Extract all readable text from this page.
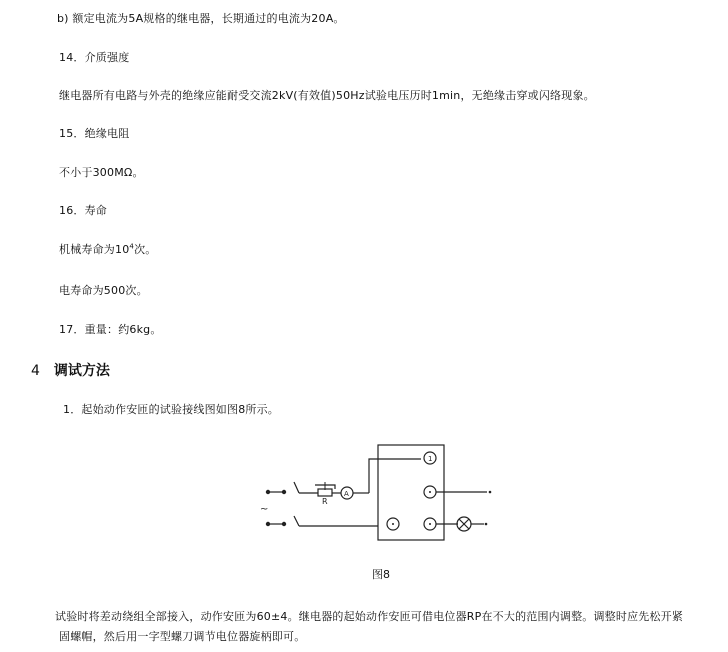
b) 额定电流为5A规格的继电器，长期通过的电流为20A。
14．介质强度
继电器所有电路与外壳的绝缘应能耐受交流2kV(有效值)50Hz试验电压历时1min，无绝缘击穿或闪络现象。
15．绝缘电阻
不小于300MΩ。
16．寿命
机械寿命为$10^4$次。
电寿命为500次。
17．重量：约6kg。
4 调试方法
1．起始动作安匝的试验接线图如图8所示。
R
A
~
1
图8
试验时将差动绕组全部接入，动作安匝为60±4。继电器的起始动作安匝可借电位器RP在不大的范围内调整。调整时应先松开紧
固螺帽，然后用一字型螺刀调节电位器旋柄即可。
